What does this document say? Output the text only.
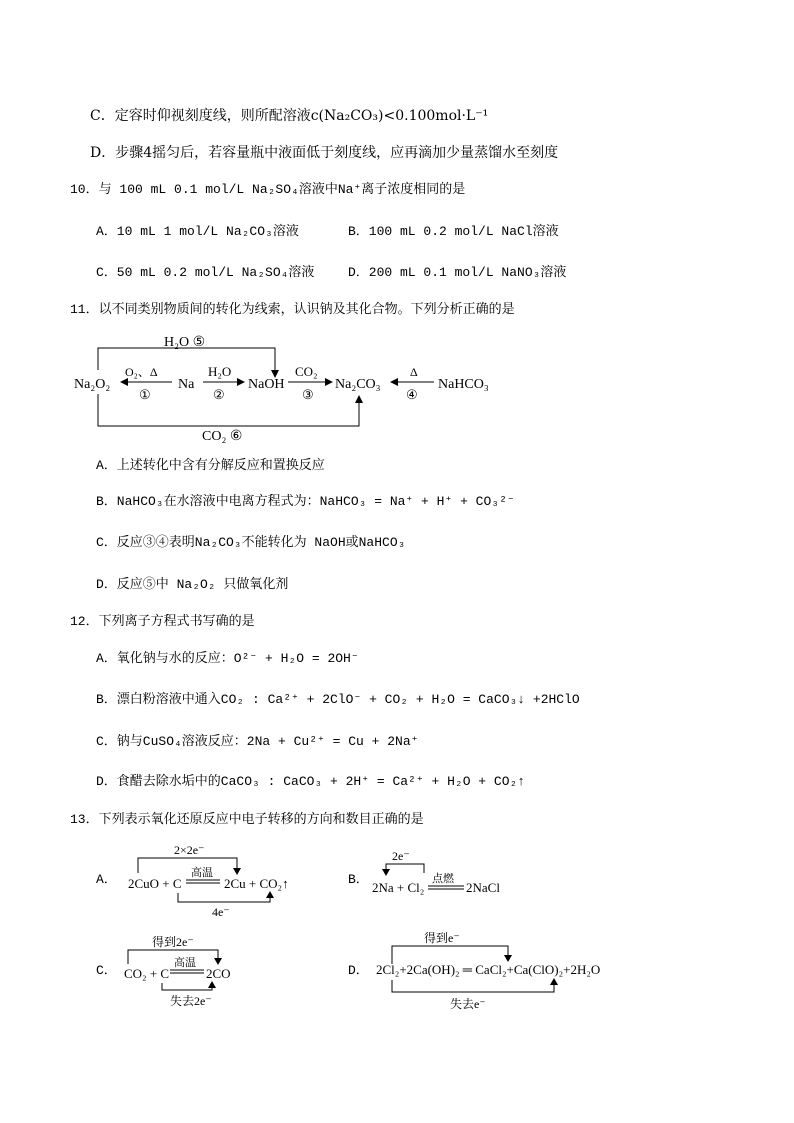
C．定容时仰视刻度线，则所配溶液c(Na₂CO₃)<0.100mol·L⁻¹
D．步骤4摇匀后，若容量瓶中液面低于刻度线，应再滴加少量蒸馏水至刻度
10．与 100 mL 0.1 mol/L Na₂SO₄溶液中Na⁺离子浓度相同的是
A．10 mL 1 mol/L Na₂CO₃溶液	B．100 mL 0.2 mol/L NaCl溶液
C．50 mL 0.2 mol/L Na₂SO₄溶液	D．200 mL 0.1 mol/L NaNO₃溶液
11．以不同类别物质间的转化为线索，认识钠及其化合物。下列分析正确的是
H₂O ⑤
Na₂O₂	Na	NaOH	Na₂CO₃	NaHCO₃
O₂、Δ
①
H₂O
②
CO₂
③
Δ
④
CO₂ ⑥
A．上述转化中含有分解反应和置换反应
B．NaHCO₃在水溶液中电离方程式为：NaHCO₃ = Na⁺ + H⁺ + CO₃²⁻
C．反应③④表明Na₂CO₃不能转化为 NaOH或NaHCO₃
D．反应⑤中 Na₂O₂ 只做氧化剂
12．下列离子方程式书写确的是
A．氧化钠与水的反应：O²⁻ + H₂O = 2OH⁻
B．漂白粉溶液中通入CO₂ : Ca²⁺ + 2ClO⁻ + CO₂ + H₂O = CaCO₃↓ +2HClO
C．钠与CuSO₄溶液反应：2Na + Cu²⁺ = Cu + 2Na⁺
D．食醋去除水垢中的CaCO₃ : CaCO₃ + 2H⁺ = Ca²⁺ + H₂O + CO₂↑
13．下列表示氧化还原反应中电子转移的方向和数目正确的是
A．
2×2e⁻
2CuO + C
高温
2Cu + CO₂↑
4e⁻
B．
2e⁻
2Na + Cl₂
点燃
2NaCl
C．
得到2e⁻
CO₂ + C
高温
2CO
失去2e⁻
D．
得到e⁻
2Cl₂+2Ca(OH)₂ ═ CaCl₂+Ca(ClO)₂+2H₂O
失去e⁻
